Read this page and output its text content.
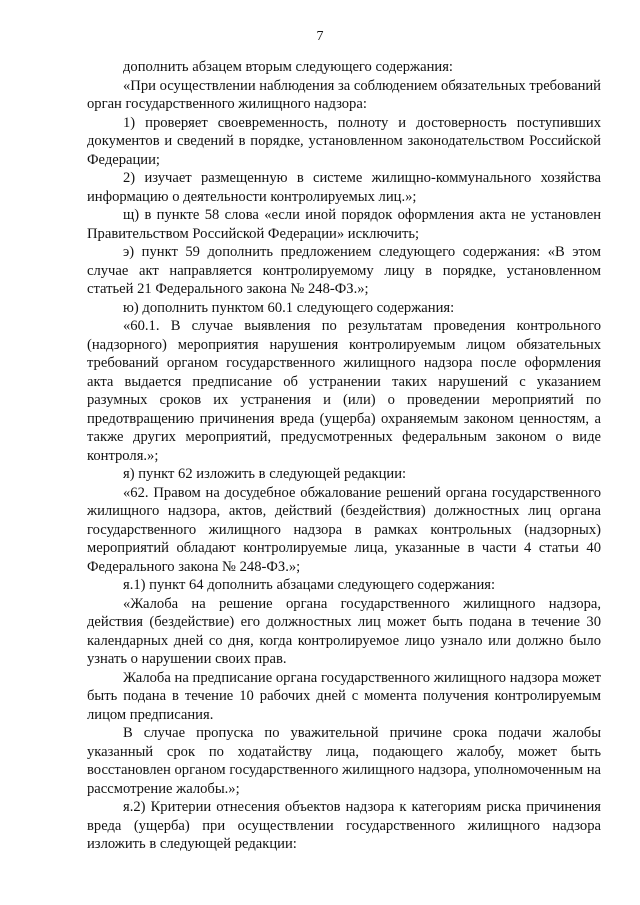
7

дополнить абзацем вторым следующего содержания:

«При осуществлении наблюдения за соблюдением обязательных требований орган государственного жилищного надзора:

1) проверяет своевременность, полноту и достоверность поступивших документов и сведений в порядке, установленном законодательством Российской Федерации;

2) изучает размещенную в системе жилищно-коммунального хозяйства информацию о деятельности контролируемых лиц.»;

щ) в пункте 58 слова «если иной порядок оформления акта не установлен Правительством Российской Федерации» исключить;

э) пункт 59 дополнить предложением следующего содержания: «В этом случае акт направляется контролируемому лицу в порядке, установленном статьей 21 Федерального закона № 248-ФЗ.»;

ю) дополнить пунктом 60.1 следующего содержания:

«60.1. В случае выявления по результатам проведения контрольного (надзорного) мероприятия нарушения контролируемым лицом обязательных требований органом государственного жилищного надзора после оформления акта выдается предписание об устранении таких нарушений с указанием разумных сроков их устранения и (или) о проведении мероприятий по предотвращению причинения вреда (ущерба) охраняемым законом ценностям, а также других мероприятий, предусмотренных федеральным законом о виде контроля.»;

я) пункт 62 изложить в следующей редакции:

«62. Правом на досудебное обжалование решений органа государственного жилищного надзора, актов, действий (бездействия) должностных лиц органа государственного жилищного надзора в рамках контрольных (надзорных) мероприятий обладают контролируемые лица, указанные в части 4 статьи 40 Федерального закона № 248-ФЗ.»;

я.1) пункт 64 дополнить абзацами следующего содержания:

«Жалоба на решение органа государственного жилищного надзора, действия (бездействие) его должностных лиц может быть подана в течение 30 календарных дней со дня, когда контролируемое лицо узнало или должно было узнать о нарушении своих прав.

Жалоба на предписание органа государственного жилищного надзора может быть подана в течение 10 рабочих дней с момента получения контролируемым лицом предписания.

В случае пропуска по уважительной причине срока подачи жалобы указанный срок по ходатайству лица, подающего жалобу, может быть восстановлен органом государственного жилищного надзора, уполномоченным на рассмотрение жалобы.»;

я.2) Критерии отнесения объектов надзора к категориям риска причинения вреда (ущерба) при осуществлении государственного жилищного надзора изложить в следующей редакции:
